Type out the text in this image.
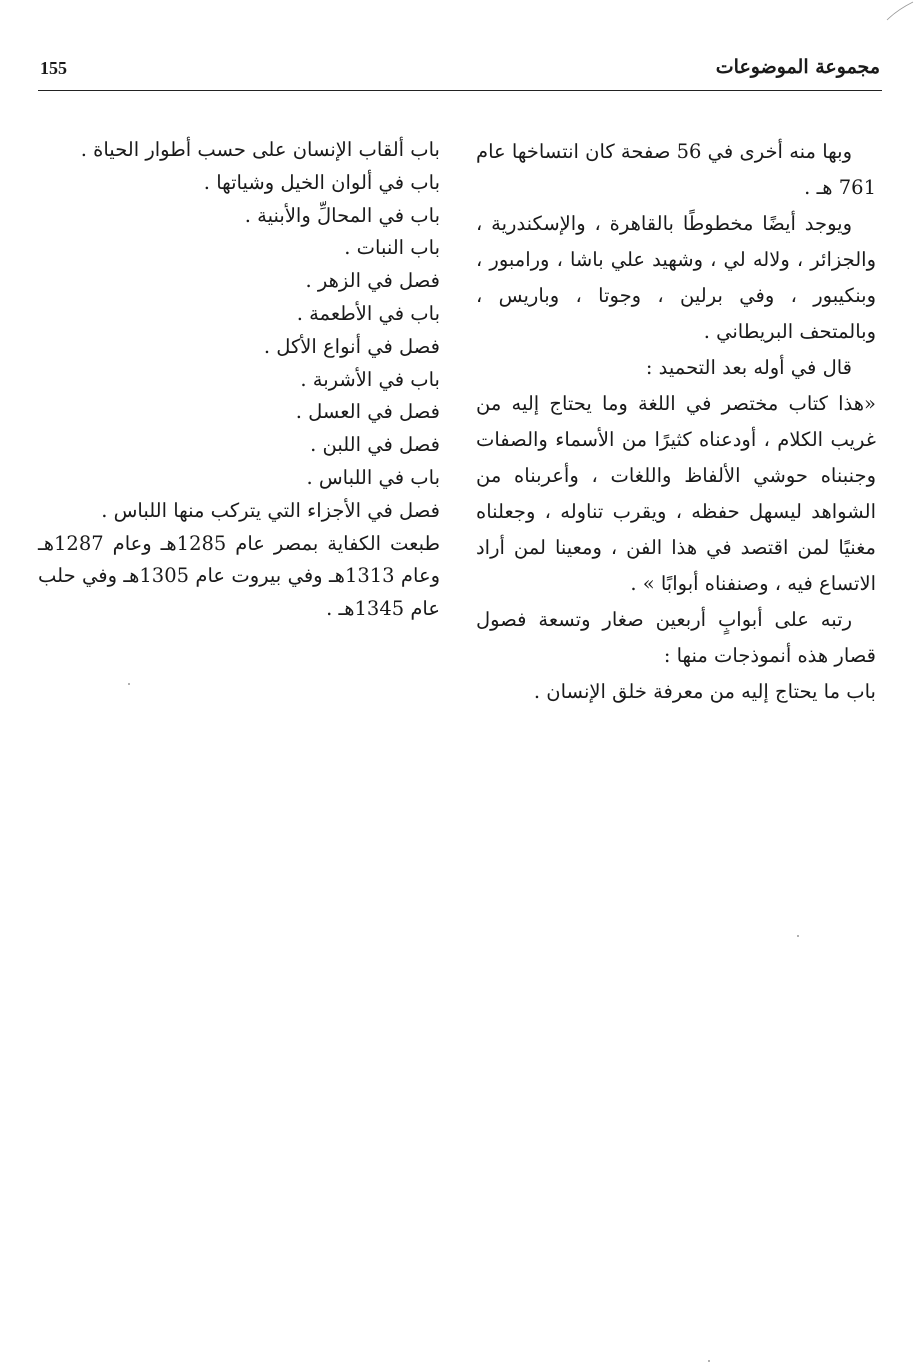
155	مجموعة الموضوعات

وبها منه أخرى في 56 صفحة كان انتساخها عام 761 هـ .

ويوجد أيضًا مخطوطًا بالقاهرة ، والإسكندرية ، والجزائر ، ولاله لي ، وشهيد علي باشا ، ورامبور ، وبنكيبور ، وفي برلين ، وجوتا ، وباريس ، وبالمتحف البريطاني .

قال في أوله بعد التحميد :

«هذا كتاب مختصر في اللغة وما يحتاج إليه من غريب الكلام ، أودعناه كثيرًا من الأسماء والصفات وجنبناه حوشي الألفاظ واللغات ، وأعربناه من الشواهد ليسهل حفظه ، ويقرب تناوله ، وجعلناه مغنيًا لمن اقتصد في هذا الفن ، ومعينا لمن أراد الاتساع فيه ، وصنفناه أبوابًا » .

رتبه على أبوابٍ أربعين صغار وتسعة فصول قصار هذه أنموذجات منها :

باب ما يحتاج إليه من معرفة خلق الإنسان .

باب ألقاب الإنسان على حسب أطوار الحياة .

باب في ألوان الخيل وشياتها .

باب في المحالِّ والأبنية .

باب النبات .

فصل في الزهر .

باب في الأطعمة .

فصل في أنواع الأكل .

باب في الأشربة .

فصل في العسل .

فصل في اللبن .

باب في اللباس .

فصل في الأجزاء التي يتركب منها اللباس .

طبعت الكفاية بمصر عام 1285هـ وعام 1287هـ وعام 1313هـ وفي بيروت عام 1305هـ وفي حلب عام 1345هـ .
